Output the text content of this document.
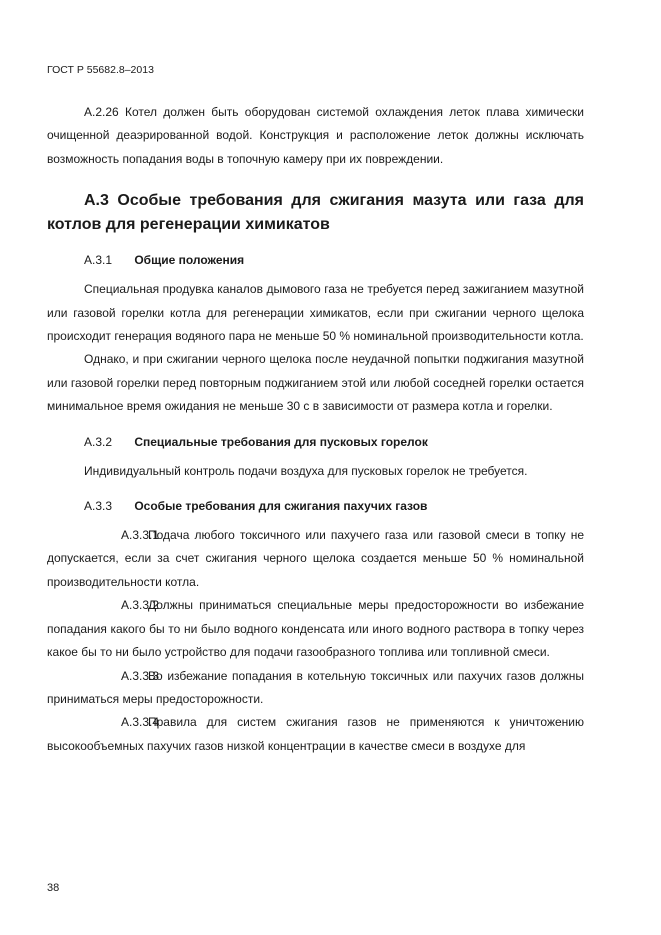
ГОСТ Р 55682.8–2013

А.2.26 Котел должен быть оборудован системой охлаждения леток плава химически очищенной деаэрированной водой. Конструкция и расположение леток должны исключать возможность попадания воды в топочную камеру при их повреждении.

А.3 Особые требования для сжигания мазута или газа для котлов для регенерации химикатов
А.3.1 Общие положения

Специальная продувка каналов дымового газа не требуется перед зажиганием мазутной или газовой горелки котла для регенерации химикатов, если при сжигании черного щелока происходит генерация водяного пара не меньше 50 % номинальной производительности котла.

Однако, и при сжигании черного щелока после неудачной попытки поджигания мазутной или газовой горелки перед повторным поджиганием этой или любой соседней горелки остается минимальное время ожидания не меньше 30 с в зависимости от размера котла и горелки.

А.3.2 Специальные требования для пусковых горелок

Индивидуальный контроль подачи воздуха для пусковых горелок не требуется.

А.3.3 Особые требования для сжигания пахучих газов

А.3.3.1Подача любого токсичного или пахучего газа или газовой смеси в топку не допускается, если за счет сжигания черного щелока создается меньше 50 % номинальной производительности котла.

А.3.3.2Должны приниматься специальные меры предосторожности во избежание попадания какого бы то ни было водного конденсата или иного водного раствора в топку через какое бы то ни было устройство для подачи газообразного топлива или топливной смеси.

А.3.3.3Во избежание попадания в котельную токсичных или пахучих газов должны приниматься меры предосторожности.

А.3.3.4Правила для систем сжигания газов не применяются к уничтожению высокообъемных пахучих газов низкой концентрации в качестве смеси в воздухе для

38
